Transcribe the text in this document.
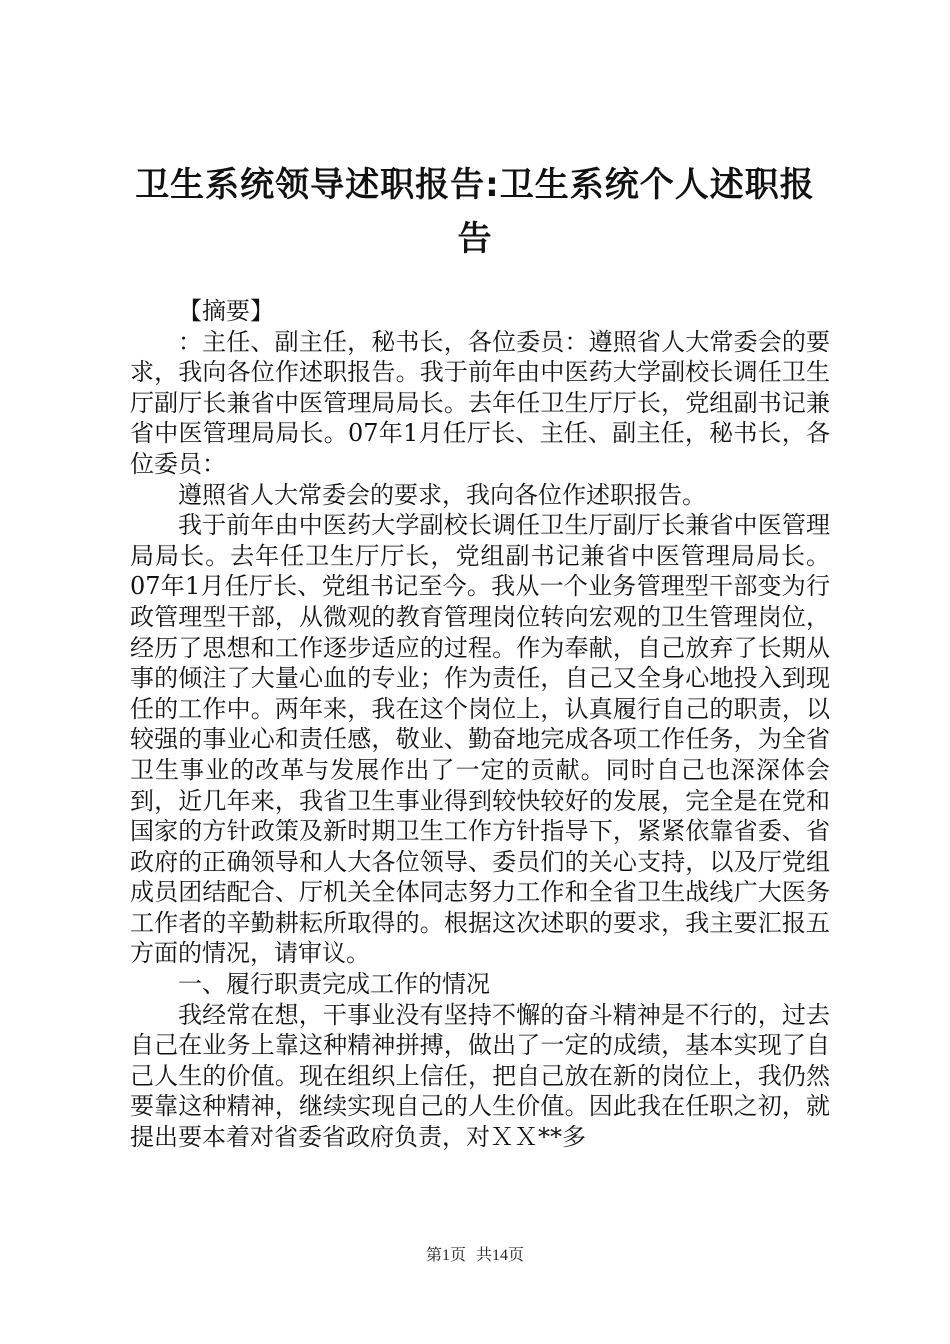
卫生系统领导述职报告:卫生系统个人述职报告

【摘要】

：主任、副主任，秘书长，各位委员：遵照省人大常委会的要求，我向各位作述职报告。我于前年由中医药大学副校长调任卫生厅副厅长兼省中医管理局局长。去年任卫生厅厅长，党组副书记兼省中医管理局局长。07年1月任厅长、主任、副主任，秘书长，各位委员：

遵照省人大常委会的要求，我向各位作述职报告。

我于前年由中医药大学副校长调任卫生厅副厅长兼省中医管理局局长。去年任卫生厅厅长，党组副书记兼省中医管理局局长。07年1月任厅长、党组书记至今。我从一个业务管理型干部变为行政管理型干部，从微观的教育管理岗位转向宏观的卫生管理岗位，经历了思想和工作逐步适应的过程。作为奉献，自己放弃了长期从事的倾注了大量心血的专业；作为责任，自己又全身心地投入到现任的工作中。两年来，我在这个岗位上，认真履行自己的职责，以较强的事业心和责任感，敬业、勤奋地完成各项工作任务，为全省卫生事业的改革与发展作出了一定的贡献。同时自己也深深体会到，近几年来，我省卫生事业得到较快较好的发展，完全是在党和国家的方针政策及新时期卫生工作方针指导下，紧紧依靠省委、省政府的正确领导和人大各位领导、委员们的关心支持，以及厅党组成员团结配合、厅机关全体同志努力工作和全省卫生战线广大医务工作者的辛勤耕耘所取得的。根据这次述职的要求，我主要汇报五方面的情况，请审议。

一、履行职责完成工作的情况

我经常在想，干事业没有坚持不懈的奋斗精神是不行的，过去自己在业务上靠这种精神拼搏，做出了一定的成绩，基本实现了自己人生的价值。现在组织上信任，把自己放在新的岗位上，我仍然要靠这种精神，继续实现自己的人生价值。因此我在任职之初，就提出要本着对省委省政府负责，对ＸＸ**多

第1页 共14页
